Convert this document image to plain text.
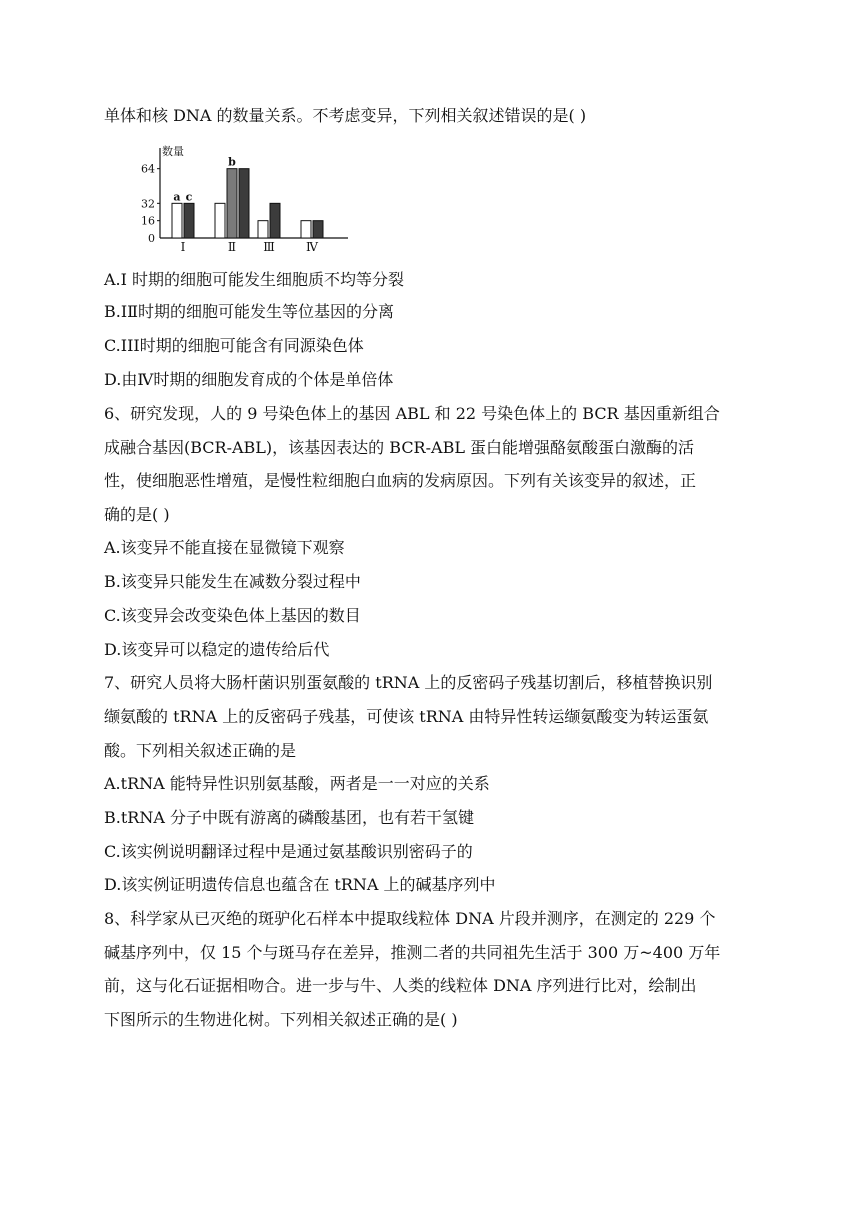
单体和核 DNA 的数量关系。不考虑变异，下列相关叙述错误的是( )
数量
0
16
32
64
a c
b
Ⅰ	Ⅱ Ⅲ	Ⅳ
A.I 时期的细胞可能发生细胞质不均等分裂
B.IⅡ时期的细胞可能发生等位基因的分离
C.III时期的细胞可能含有同源染色体
D.由Ⅳ时期的细胞发育成的个体是单倍体
6、研究发现，人的 9 号染色体上的基因 ABL 和 22 号染色体上的 BCR 基因重新组合
成融合基因(BCR-ABL)，该基因表达的 BCR-ABL 蛋白能增强酪氨酸蛋白激酶的活
性，使细胞恶性增殖，是慢性粒细胞白血病的发病原因。下列有关该变异的叙述，正
确的是( )
A.该变异不能直接在显微镜下观察
B.该变异只能发生在减数分裂过程中
C.该变异会改变染色体上基因的数目
D.该变异可以稳定的遗传给后代
7、研究人员将大肠杆菌识别蛋氨酸的 tRNA 上的反密码子残基切割后，移植替换识别
缬氨酸的 tRNA 上的反密码子残基，可使该 tRNA 由特异性转运缬氨酸变为转运蛋氨
酸。下列相关叙述正确的是
A.tRNA 能特异性识别氨基酸，两者是一一对应的关系
B.tRNA 分子中既有游离的磷酸基团，也有若干氢键
C.该实例说明翻译过程中是通过氨基酸识别密码子的
D.该实例证明遗传信息也蕴含在 tRNA 上的碱基序列中
8、科学家从已灭绝的斑驴化石样本中提取线粒体 DNA 片段并测序，在测定的 229 个
碱基序列中，仅 15 个与斑马存在差异，推测二者的共同祖先生活于 300 万~400 万年
前，这与化石证据相吻合。进一步与牛、人类的线粒体 DNA 序列进行比对，绘制出
下图所示的生物进化树。下列相关叙述正确的是( )
